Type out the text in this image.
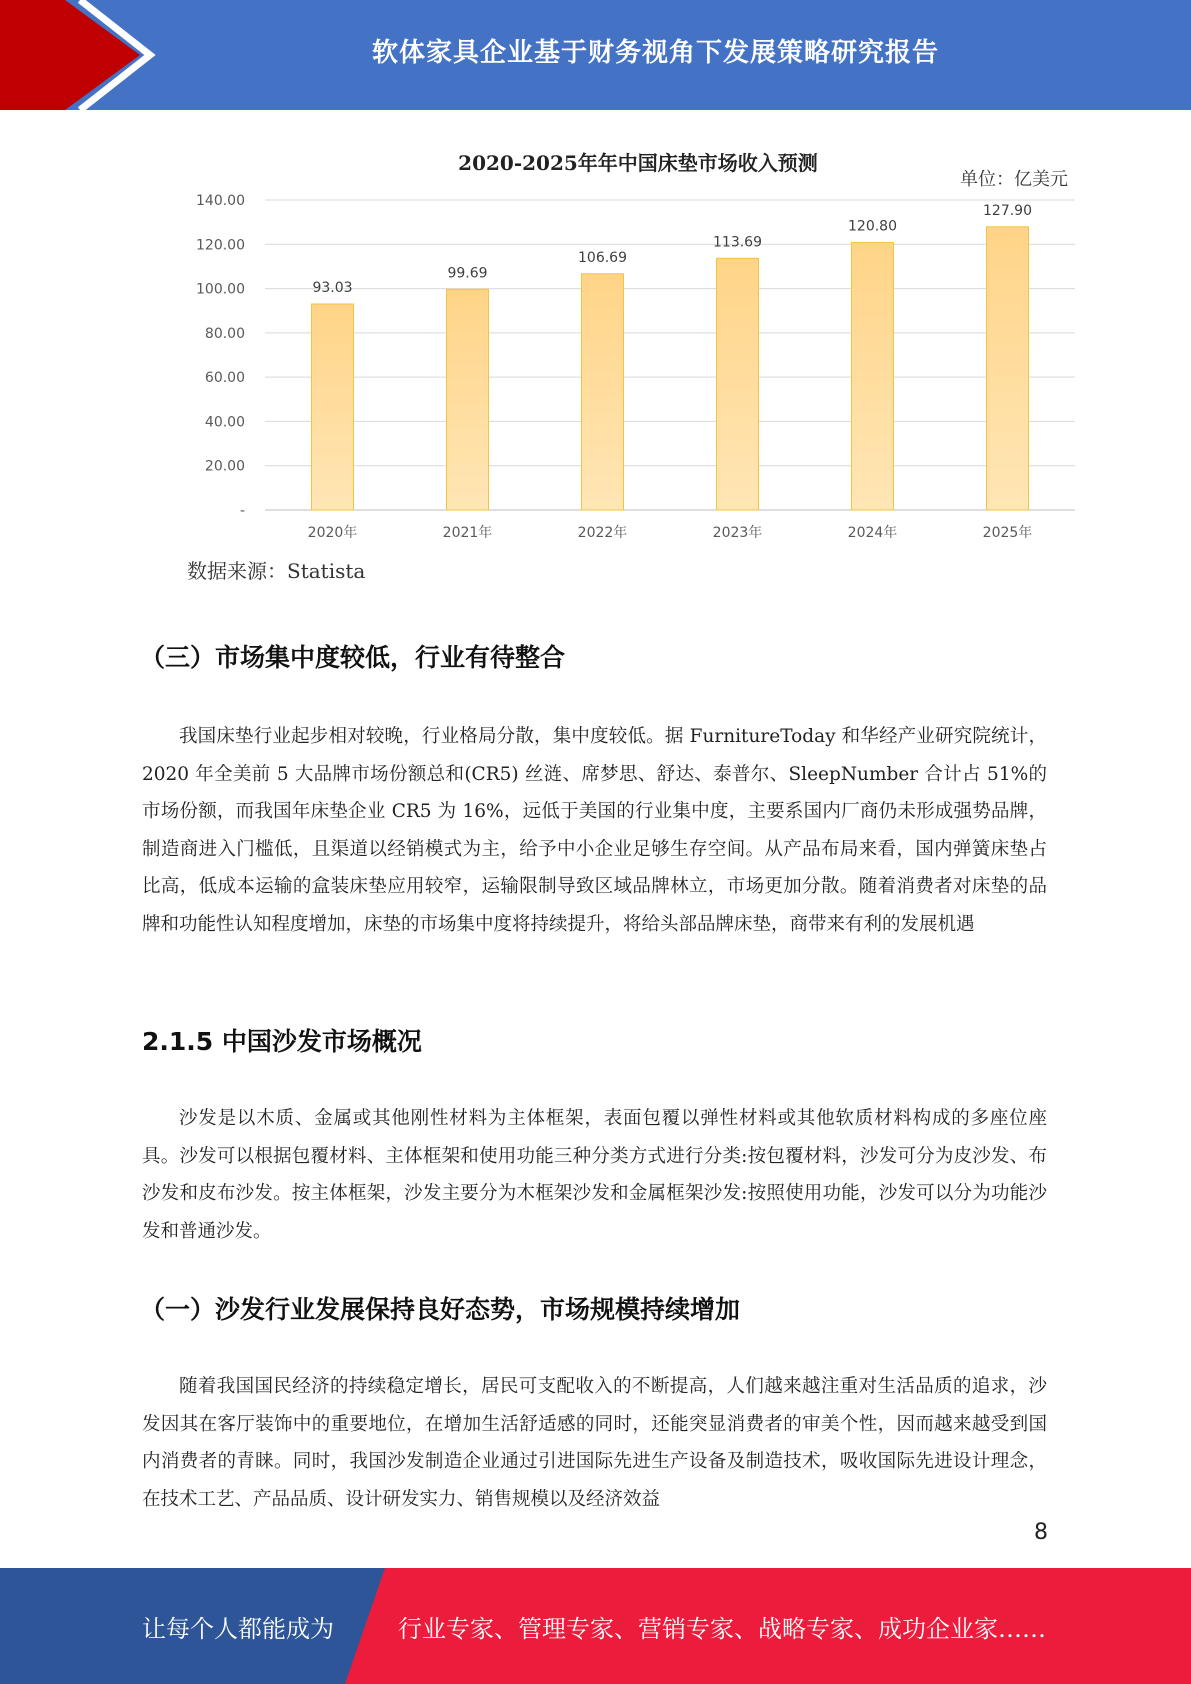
软体家具企业基于财务视角下发展策略研究报告
2020-2025年年中国床垫市场收入预测
单位：亿美元
-
20.00
40.00
60.00
80.00
100.00
120.00
140.00
93.03
2020年
99.69
2021年
106.69
2022年
113.69
2023年
120.80
2024年
127.90
2025年
数据来源：Statista
（三）市场集中度较低，行业有待整合

我国床垫行业起步相对较晚，行业格局分散，集中度较低。据 FurnitureToday 和华经产业研究院统计，2020 年全美前 5 大品牌市场份额总和(CR5) 丝涟、席梦思、舒达、泰普尔、SleepNumber 合计占 51%的市场份额，而我国年床垫企业 CR5 为 16%，远低于美国的行业集中度，主要系国内厂商仍未形成强势品牌，制造商进入门槛低，且渠道以经销模式为主，给予中小企业足够生存空间。从产品布局来看，国内弹簧床垫占比高，低成本运输的盒装床垫应用较窄，运输限制导致区域品牌林立，市场更加分散。随着消费者对床垫的品牌和功能性认知程度增加，床垫的市场集中度将持续提升，将给头部品牌床垫，商带来有利的发展机遇

2.1.5 中国沙发市场概况

沙发是以木质、金属或其他刚性材料为主体框架，表面包覆以弹性材料或其他软质材料构成的多座位座具。沙发可以根据包覆材料、主体框架和使用功能三种分类方式进行分类:按包覆材料，沙发可分为皮沙发、布沙发和皮布沙发。按主体框架，沙发主要分为木框架沙发和金属框架沙发:按照使用功能，沙发可以分为功能沙发和普通沙发。

（一）沙发行业发展保持良好态势，市场规模持续增加

随着我国国民经济的持续稳定增长，居民可支配收入的不断提高，人们越来越注重对生活品质的追求，沙发因其在客厅装饰中的重要地位，在增加生活舒适感的同时，还能突显消费者的审美个性，因而越来越受到国内消费者的青睐。同时，我国沙发制造企业通过引进国际先进生产设备及制造技术，吸收国际先进设计理念，在技术工艺、产品品质、设计研发实力、销售规模以及经济效益

8
让每个人都能成为	行业专家、管理专家、营销专家、战略专家、成功企业家……
